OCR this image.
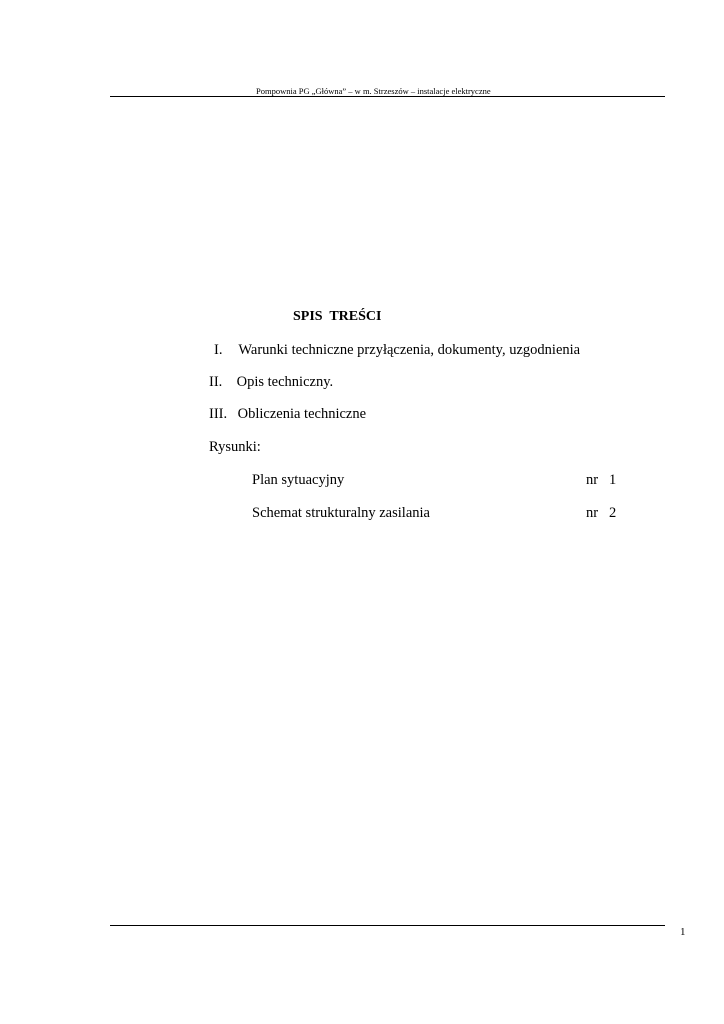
Pompownia PG „Główna” – w m. Strzeszów – instalacje elektryczne
SPIS  TREŚCI
I. Warunki techniczne przyłączenia, dokumenty, uzgodnienia
II. Opis techniczny.
III. Obliczenia techniczne
Rysunki:
Plan sytuacyjny	nr   1
Schemat strukturalny zasilania	nr   2
1
